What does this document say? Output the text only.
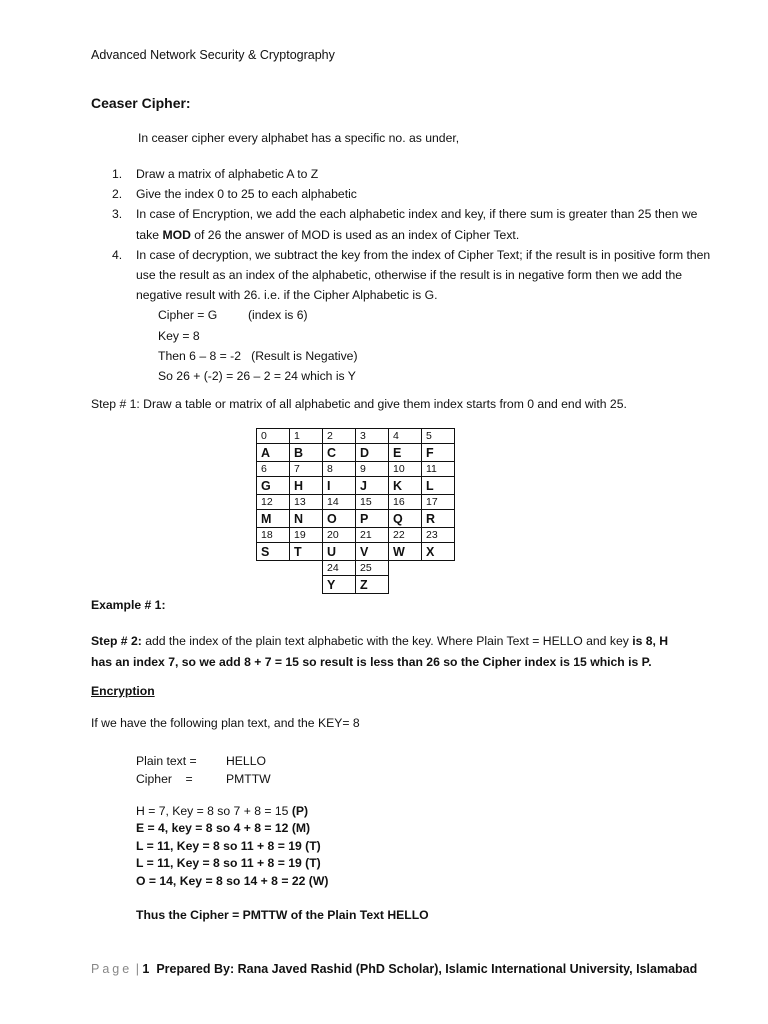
Advanced Network Security & Cryptography
Ceaser Cipher:
In ceaser cipher every alphabet has a specific no. as under,
1. Draw a matrix of alphabetic A to Z
2. Give the index 0 to 25 to each alphabetic
3. In case of Encryption, we add the each alphabetic index and key, if there sum is greater than 25 then we take MOD of 26 the answer of MOD is used as an index of Cipher Text.
4. In case of decryption, we subtract the key from the index of Cipher Text; if the result is in positive form then use the result as an index of the alphabetic, otherwise if the result is in negative form then we add the negative result with 26. i.e. if the Cipher Alphabetic is G.
Cipher = G	(index is 6)
Key = 8
Then 6 – 8 = -2 (Result is Negative)
So 26 + (-2) = 26 – 2 = 24 which is Y
Step # 1: Draw a table or matrix of all alphabetic and give them index starts from 0 and end with 25.
0	1	2	3	4	5
A	B	C	D	E	F
6	7	8	9	10	11
G	H	I	J	K	L
12	13	14	15	16	17
M	N	O	P	Q	R
18	19	20	21	22	23
S	T	U	V	W	X
		24	25		
		Y	Z		
Example # 1:
Step # 2: add the index of the plain text alphabetic with the key. Where Plain Text = HELLO and key is 8, H has an index 7, so we add 8 + 7 = 15 so result is less than 26 so the Cipher index is 15 which is P.
Encryption
If we have the following plan text, and the KEY= 8
Plain text = HELLO
Cipher    =	PMTTW
H = 7, Key = 8 so 7 + 8 = 15 (P)
E = 4, key = 8 so 4 + 8 = 12 (M)
L = 11, Key = 8 so 11 + 8 = 19 (T)
L = 11, Key = 8 so 11 + 8 = 19 (T)
O = 14, Key = 8 so 14 + 8 = 22 (W)
Thus the Cipher = PMTTW of the Plain Text HELLO
Page | 1 Prepared By: Rana Javed Rashid (PhD Scholar), Islamic International University, Islamabad
